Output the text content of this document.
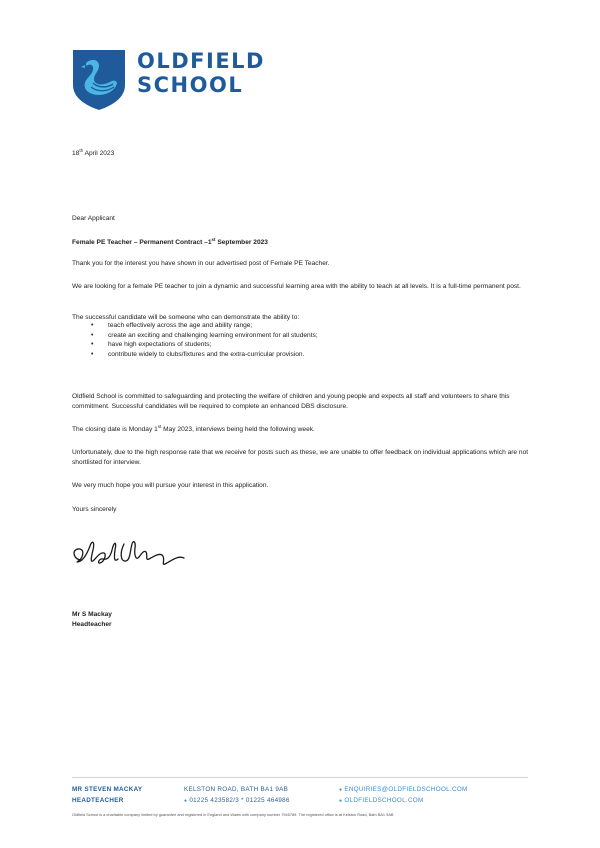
OLDFIELD
SCHOOL
18th April 2023
Dear Applicant
Female PE Teacher – Permanent Contract –1st September 2023
Thank you for the interest you have shown in our advertised post of Female PE Teacher.
We are looking for a female PE teacher to join a dynamic and successful learning area with the ability to teach at all levels. It is a full-time permanent post.
The successful candidate will be someone who can demonstrate the ability to:
• teach effectively across the age and ability range;
• create an exciting and challenging learning environment for all students;
• have high expectations of students;
• contribute widely to clubs/fixtures and the extra-curricular provision.
Oldfield School is committed to safeguarding and protecting the welfare of children and young people and expects all staff and volunteers to share this commitment. Successful candidates will be required to complete an enhanced DBS disclosure.
The closing date is Monday 1st May 2023, interviews being held the following week.
Unfortunately, due to the high response rate that we receive for posts such as these, we are unable to offer feedback on individual applications which are not shortlisted for interview.
We very much hope you will pursue your interest in this application.
Yours sincerely
Mr S Mackay
Headteacher
MR STEVEN MACKAY
HEADTEACHER
KELSTON ROAD, BATH BA1 9AB
● 01225 423582/3 * 01225 464986
● ENQUIRIES@OLDFIELDSCHOOL.COM
● OLDFIELDSCHOOL.COM
Oldfield School is a charitable company limited by guarantee and registered in England and Wales with company number 7945789. The registered office is at Kelston Road, Bath BA1 9AB
